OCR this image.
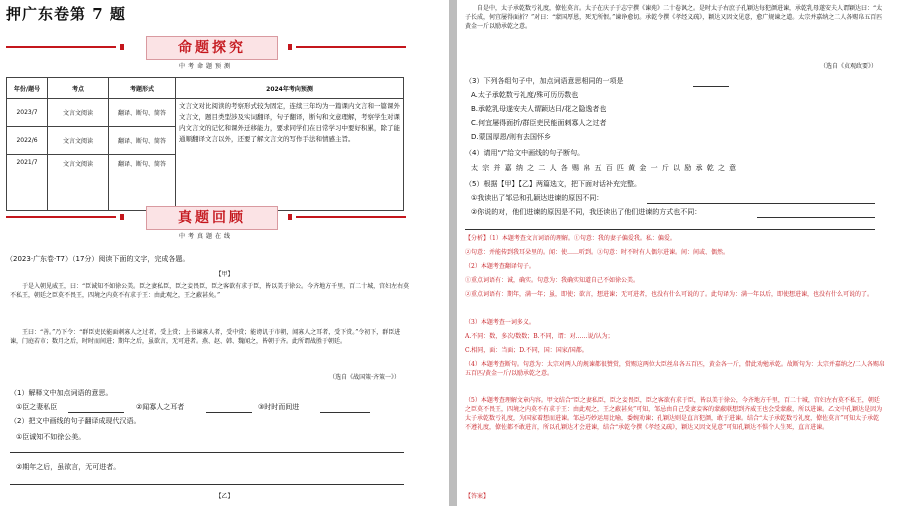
押广东卷第 7 题
命题探究
中考命题预测
年份/题号	考点	考题形式	2024年考向预测
2023/7	文言文阅读	翻译、断句、简答	文言文对比阅读的考察形式较为固定，连续三年均为一篇课内文言和一篇课外文言文，题目类型涉及实词翻译，句子翻译，断句和文意理解，考察学生对课内文言文的记忆和课外迁移能力，要求同学们在日常学习中要好积累，除了能通顺翻译文言以外，还要了解文言文的写作手法和情感主旨。
2022/6	文言文阅读	翻译、断句、简答	
2021/7	文言文阅读	翻译、断句、简答	
真题回顾
中考真题在线
（2023·广东卷·T7）（17分）阅读下面的文字，完成各题。
【甲】
于是入朝见威王，曰：“臣诚知不如徐公美。臣之妻私臣，臣之妾畏臣，臣之客欲有求于臣，皆以美于徐公。今齐地方千里，百二十城，宫妇左右莫不私王，朝廷之臣莫不畏王，四境之内莫不有求于王：由此观之，王之蔽甚矣。”
王曰：“善。”乃下令：“群臣吏民能面刺寡人之过者，受上赏；上书谏寡人者，受中赏；能谤讥于市朝，闻寡人之耳者，受下赏。”令初下，群臣进谏，门庭若市；数月之后，时时而间进；期年之后，虽欲言，无可进者。燕、赵、韩、魏闻之，皆朝于齐。此所谓战胜于朝廷。
（选自《战国策·齐策一》）
（1）解释文中加点词语的意思。
①臣之妻私臣	②闻寡人之耳者	③时时而间进
（2）把文中画线的句子翻译成现代汉语。
①臣诚知不如徐公美。
②期年之后，虽欲言，无可进者。
【乙】
自是中，太子承乾数亏礼度，僚佐莫言。太子在庆子于志宁撰《谏苑》二十卷讽之。是时太子右庶子孔颖达每犯颜进谏，承乾乳母遂安夫人谓颖达曰：“太子长成，何宜屡得面折？”对曰：“蒙国厚恩，死无所恨。”谏诤愈切。承乾令撰《孝经义疏》，颖达又因文见意，愈广规谏之道。太宗并嘉纳之二人各赐帛五百匹黄金一斤以励承乾之意。
（选自《贞观政要》）
（3）下列各组句子中，加点词语意思相同的一项是
A.太子承乾数亏礼度/殊可历历数也
B.承乾乳母遂安夫人谓颖达曰/花之隐逸者也
C.何宜屡得面折/群臣吏民能面刺寡人之过者
D.蒙国厚恩/则有去国怀乡
（4）请用“/”给文中画线的句子断句。
太 宗 并 嘉 纳 之 二 人 各 赐 帛 五 百 匹 黄 金 一 斤 以 励 承 乾 之 意
（5）根据【甲】【乙】两篇选文，把下面对话补充完整。
①我读出了邹忌和孔颖达进谏的原因不同：
②你说的对，他们进谏的原因是不同，我还读出了他们进谏的方式也不同：
【分析】（1）本题考查文言词语的理解。①句意：我的妻子偏爱我。私：偏爱。
②句意：并能传到我耳朵里的。闻：使……听到。③句意：时不时有人偶尔进谏。间：间或、偶然。
（2）本题考查翻译句子。
①重点词语有：诚，确实。句意为：我确实知道自己不如徐公美。
②重点词语有：期年，满一年；虽，即使；欲言，想进谏；无可进者，也没有什么可说的了。此句译为：满一年以后，即使想进谏，也没有什么可说的了。
（3）本题考查一词多义。
A.不同：数，多次/数数；B.不同，谓：对……说/认为；
C.相同，面：当面；D.不同，国：国家/国都。
（4）本题考查断句。句意为：太宗对两人的规谏都很赞赏，赏赐这两位大臣丝帛各五百匹，黄金各一斤，借此劝勉承乾。故断句为：太宗并嘉纳之/二人各赐帛五百匹/黄金一斤/以励承乾之意。
（5）本题考查理解文章内容。甲文结合“臣之妻私臣，臣之妾畏臣，臣之客欲有求于臣，皆以美于徐公，今齐地方千里，百二十城，宫妇左右莫不私王，朝廷之臣莫不畏王，四境之内莫不有求于王：由此观之，王之蔽甚矣”可知，邹忌由自己受妻妾客的蒙蔽联想到齐威王也会受蒙蔽，所以进谏。乙文中孔颖达是因为太子承乾数亏礼度，为国家着想而进谏。邹忌巧妙运用比喻，委婉劝谏；孔颖达则是直言犯颜，敢于进谏。结合“太子承乾数亏礼度，僚佐莫言”可知太子承乾不遵礼度，僚佐都不敢进言，所以孔颖达才会进谏，结合“承乾令撰《孝经义疏》，颖达又因文见意”可知孔颖达不惧个人生死，直言进谏。
【答案】
